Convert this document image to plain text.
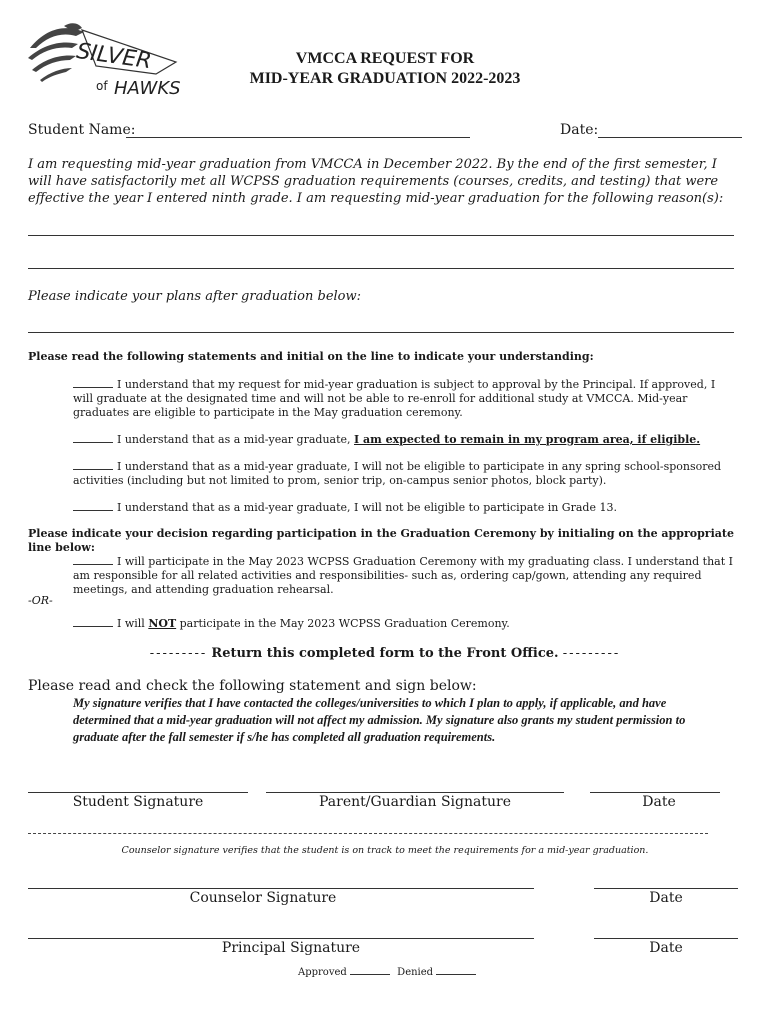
SILVER
of HAWKS
VMCCA REQUEST FOR
MID-YEAR GRADUATION 2022-2023
Student Name:	Date:
I am requesting mid-year graduation from VMCCA in December 2022. By the end of the first semester, I will have satisfactorily met all WCPSS graduation requirements (courses, credits, and testing) that were effective the year I entered ninth grade. I am requesting mid-year graduation for the following reason(s):
Please indicate your plans after graduation below:
Please read the following statements and initial on the line to indicate your understanding:
I understand that my request for mid-year graduation is subject to approval by the Principal. If approved, I will graduate at the designated time and will not be able to re-enroll for additional study at VMCCA. Mid-year graduates are eligible to participate in the May graduation ceremony.
I understand that as a mid-year graduate, I am expected to remain in my program area, if eligible.
I understand that as a mid-year graduate, I will not be eligible to participate in any spring school-sponsored activities (including but not limited to prom, senior trip, on-campus senior photos, block party).
I understand that as a mid-year graduate, I will not be eligible to participate in Grade 13.
Please indicate your decision regarding participation in the Graduation Ceremony by initialing on the appropriate line below:
I will participate in the May 2023 WCPSS Graduation Ceremony with my graduating class. I understand that I am responsible for all related activities and responsibilities- such as, ordering cap/gown, attending any required meetings, and attending graduation rehearsal.
-OR-
I will NOT participate in the May 2023 WCPSS Graduation Ceremony.
--------- Return this completed form to the Front Office. ---------
Please read and check the following statement and sign below:
My signature verifies that I have contacted the colleges/universities to which I plan to apply, if applicable, and have determined that a mid-year graduation will not affect my admission. My signature also grants my student permission to graduate after the fall semester if s/he has completed all graduation requirements.
Student Signature	Parent/Guardian Signature	Date
Counselor signature verifies that the student is on track to meet the requirements for a mid-year graduation.
Counselor Signature	Date
Principal Signature	Date
Approved	Denied
